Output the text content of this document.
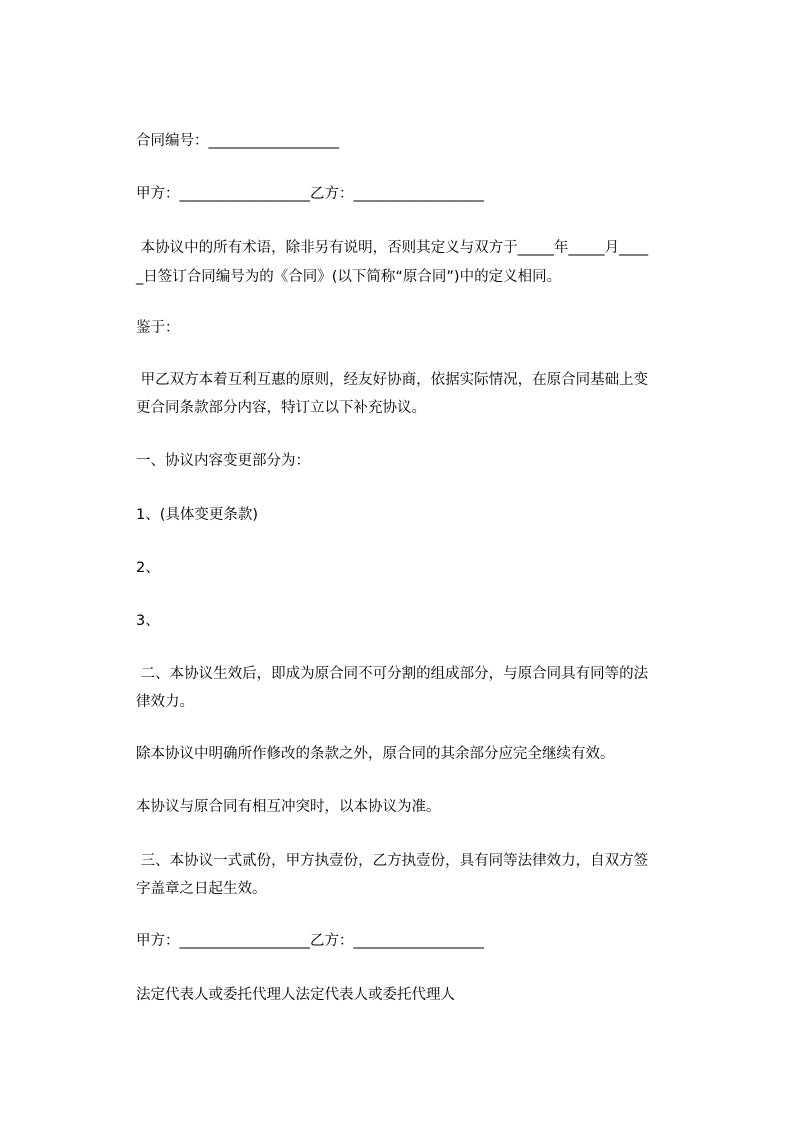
合同编号：__________________

甲方：__________________乙方：__________________

本协议中的所有术语，除非另有说明，否则其定义与双方于_____年_____月____

_日签订合同编号为的《合同》(以下简称“原合同”)中的定义相同。

鉴于：

甲乙双方本着互利互惠的原则，经友好协商，依据实际情况，在原合同基础上变

更合同条款部分内容，特订立以下补充协议。

一、协议内容变更部分为：

1、(具体变更条款)

2、

3、

二、本协议生效后，即成为原合同不可分割的组成部分，与原合同具有同等的法

律效力。

除本协议中明确所作修改的条款之外，原合同的其余部分应完全继续有效。

本协议与原合同有相互冲突时，以本协议为准。

三、本协议一式贰份，甲方执壹份，乙方执壹份，具有同等法律效力，自双方签

字盖章之日起生效。

甲方：__________________乙方：__________________

法定代表人或委托代理人法定代表人或委托代理人
